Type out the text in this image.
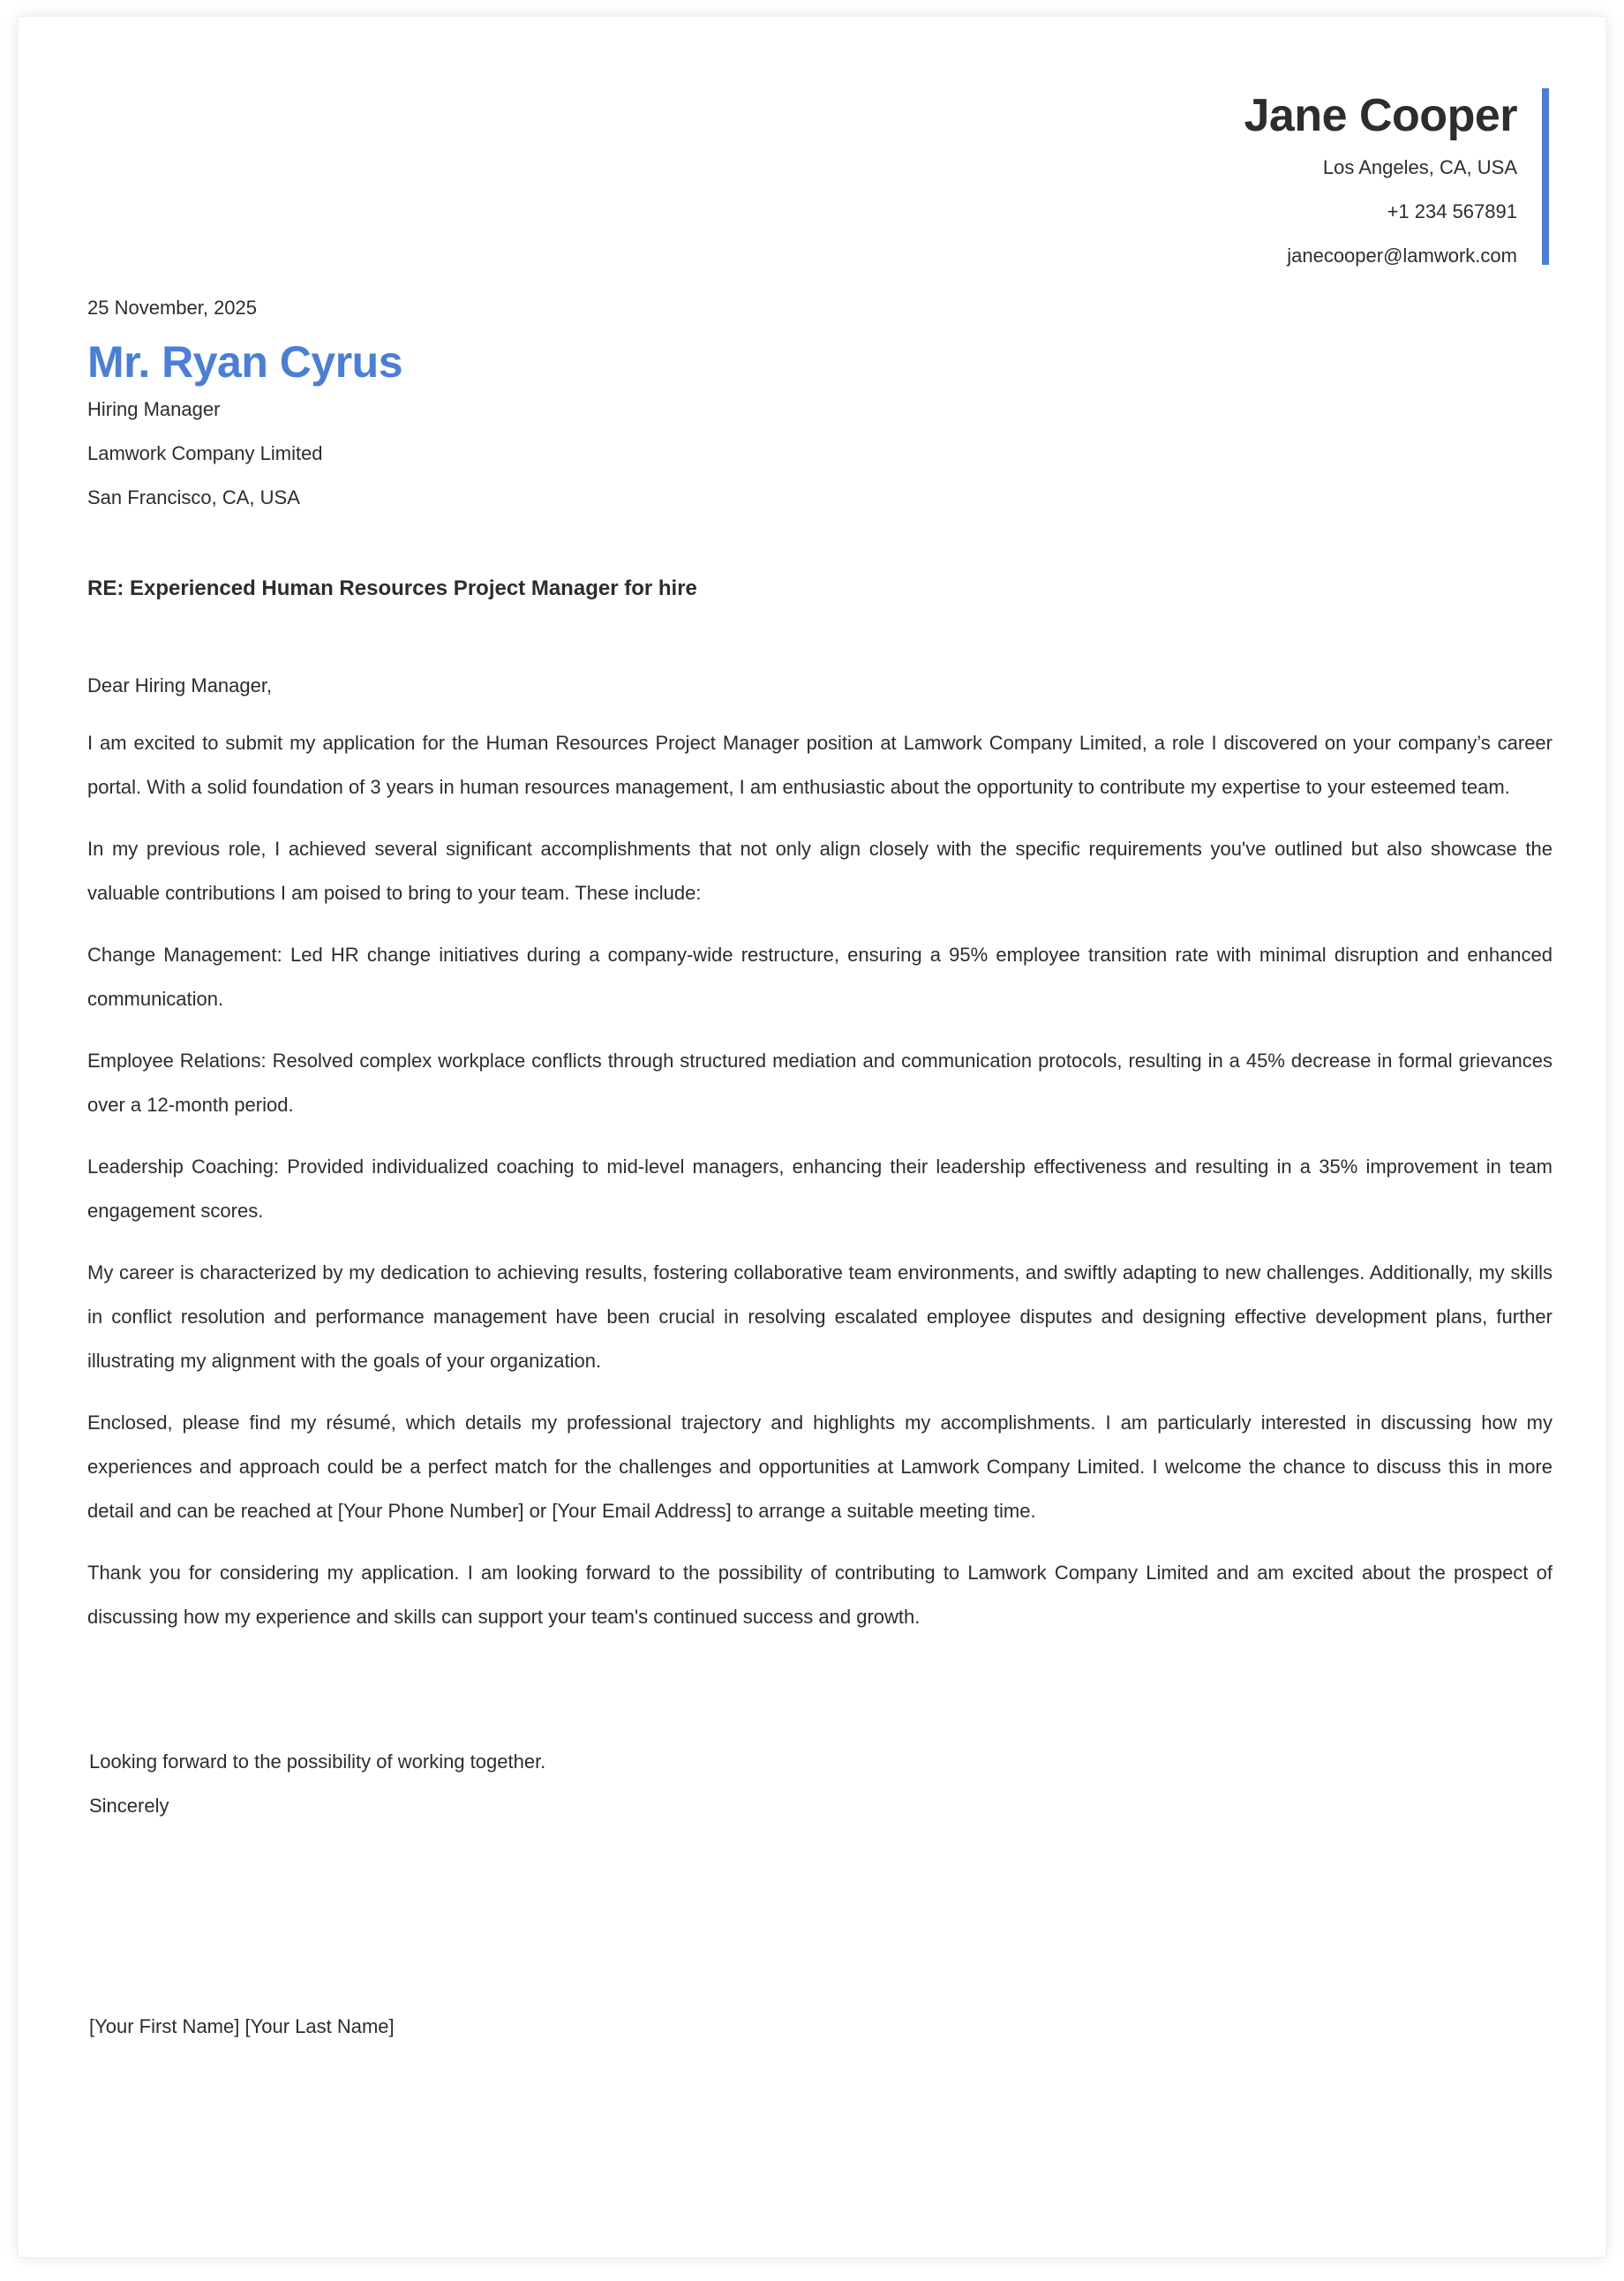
Jane Cooper
Los Angeles, CA, USA
+1 234 567891
janecooper@lamwork.com
25 November, 2025
Mr. Ryan Cyrus
Hiring Manager
Lamwork Company Limited
San Francisco, CA, USA
RE: Experienced Human Resources Project Manager for hire
Dear Hiring Manager,

I am excited to submit my application for the Human Resources Project Manager position at Lamwork Company Limited, a role I discovered on your company’s career portal. With a solid foundation of 3 years in human resources management, I am enthusiastic about the opportunity to contribute my expertise to your esteemed team.

In my previous role, I achieved several significant accomplishments that not only align closely with the specific requirements you've outlined but also showcase the valuable contributions I am poised to bring to your team. These include:

Change Management: Led HR change initiatives during a company-wide restructure, ensuring a 95% employee transition rate with minimal disruption and enhanced communication.

Employee Relations: Resolved complex workplace conflicts through structured mediation and communication protocols, resulting in a 45% decrease in formal grievances over a 12-month period.

Leadership Coaching: Provided individualized coaching to mid-level managers, enhancing their leadership effectiveness and resulting in a 35% improvement in team engagement scores.

My career is characterized by my dedication to achieving results, fostering collaborative team environments, and swiftly adapting to new challenges. Additionally, my skills in conflict resolution and performance management have been crucial in resolving escalated employee disputes and designing effective development plans, further illustrating my alignment with the goals of your organization.

Enclosed, please find my résumé, which details my professional trajectory and highlights my accomplishments. I am particularly interested in discussing how my experiences and approach could be a perfect match for the challenges and opportunities at Lamwork Company Limited. I welcome the chance to discuss this in more detail and can be reached at [Your Phone Number] or [Your Email Address] to arrange a suitable meeting time.

Thank you for considering my application. I am looking forward to the possibility of contributing to Lamwork Company Limited and am excited about the prospect of discussing how my experience and skills can support your team's continued success and growth.

Looking forward to the possibility of working together.
Sincerely
[Your First Name] [Your Last Name]
